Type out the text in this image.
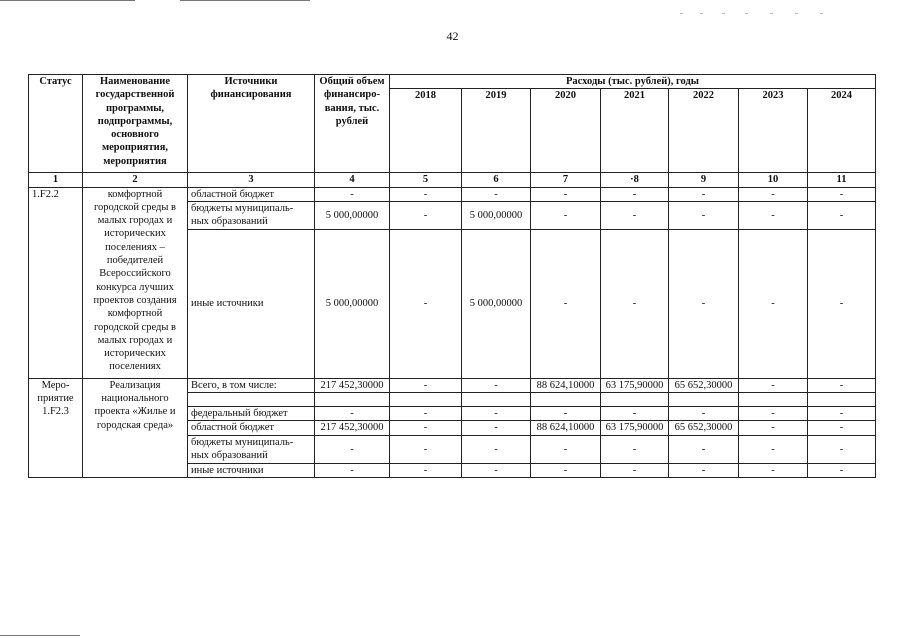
42
Статус	Наименование государственной программы, подпрограммы, основного мероприятия, мероприятия	Источники финансирования	Общий объем финансиро-вания, тыс. рублей	Расходы (тыс. рублей), годы						
				2018	2019	2020	2021	2022	2023	2024
1	2	3	4	5	6	7	·8	9	10	11
1.F2.2	комфортной городской среды в малых городах и исторических поселениях – победителей Всероссийского конкурса лучших проектов создания комфортной городской среды в малых городах и исторических поселениях	областной бюджет	-	-	-	-	-	-	-	-
		бюджеты муниципаль-ных образований	5 000,00000	-	5 000,00000	-	-	-	-	-
		иные источники	5 000,00000	-	5 000,00000	-	-	-	-	-
Меро-приятие 1.F2.3	Реализация национального проекта «Жилье и городская среда»	Всего, в том числе:	217 452,30000	-	-	88 624,10000	63 175,90000	65 652,30000	-	-

		федеральный бюджет	-	-	-	-	-	-	-	-
		областной бюджет	217 452,30000	-	-	88 624,10000	63 175,90000	65 652,30000	-	-
		бюджеты муниципаль-ных образований	-	-	-	-	-	-	-	-
		иные источники	-	-	-	-	-	-	-	-
